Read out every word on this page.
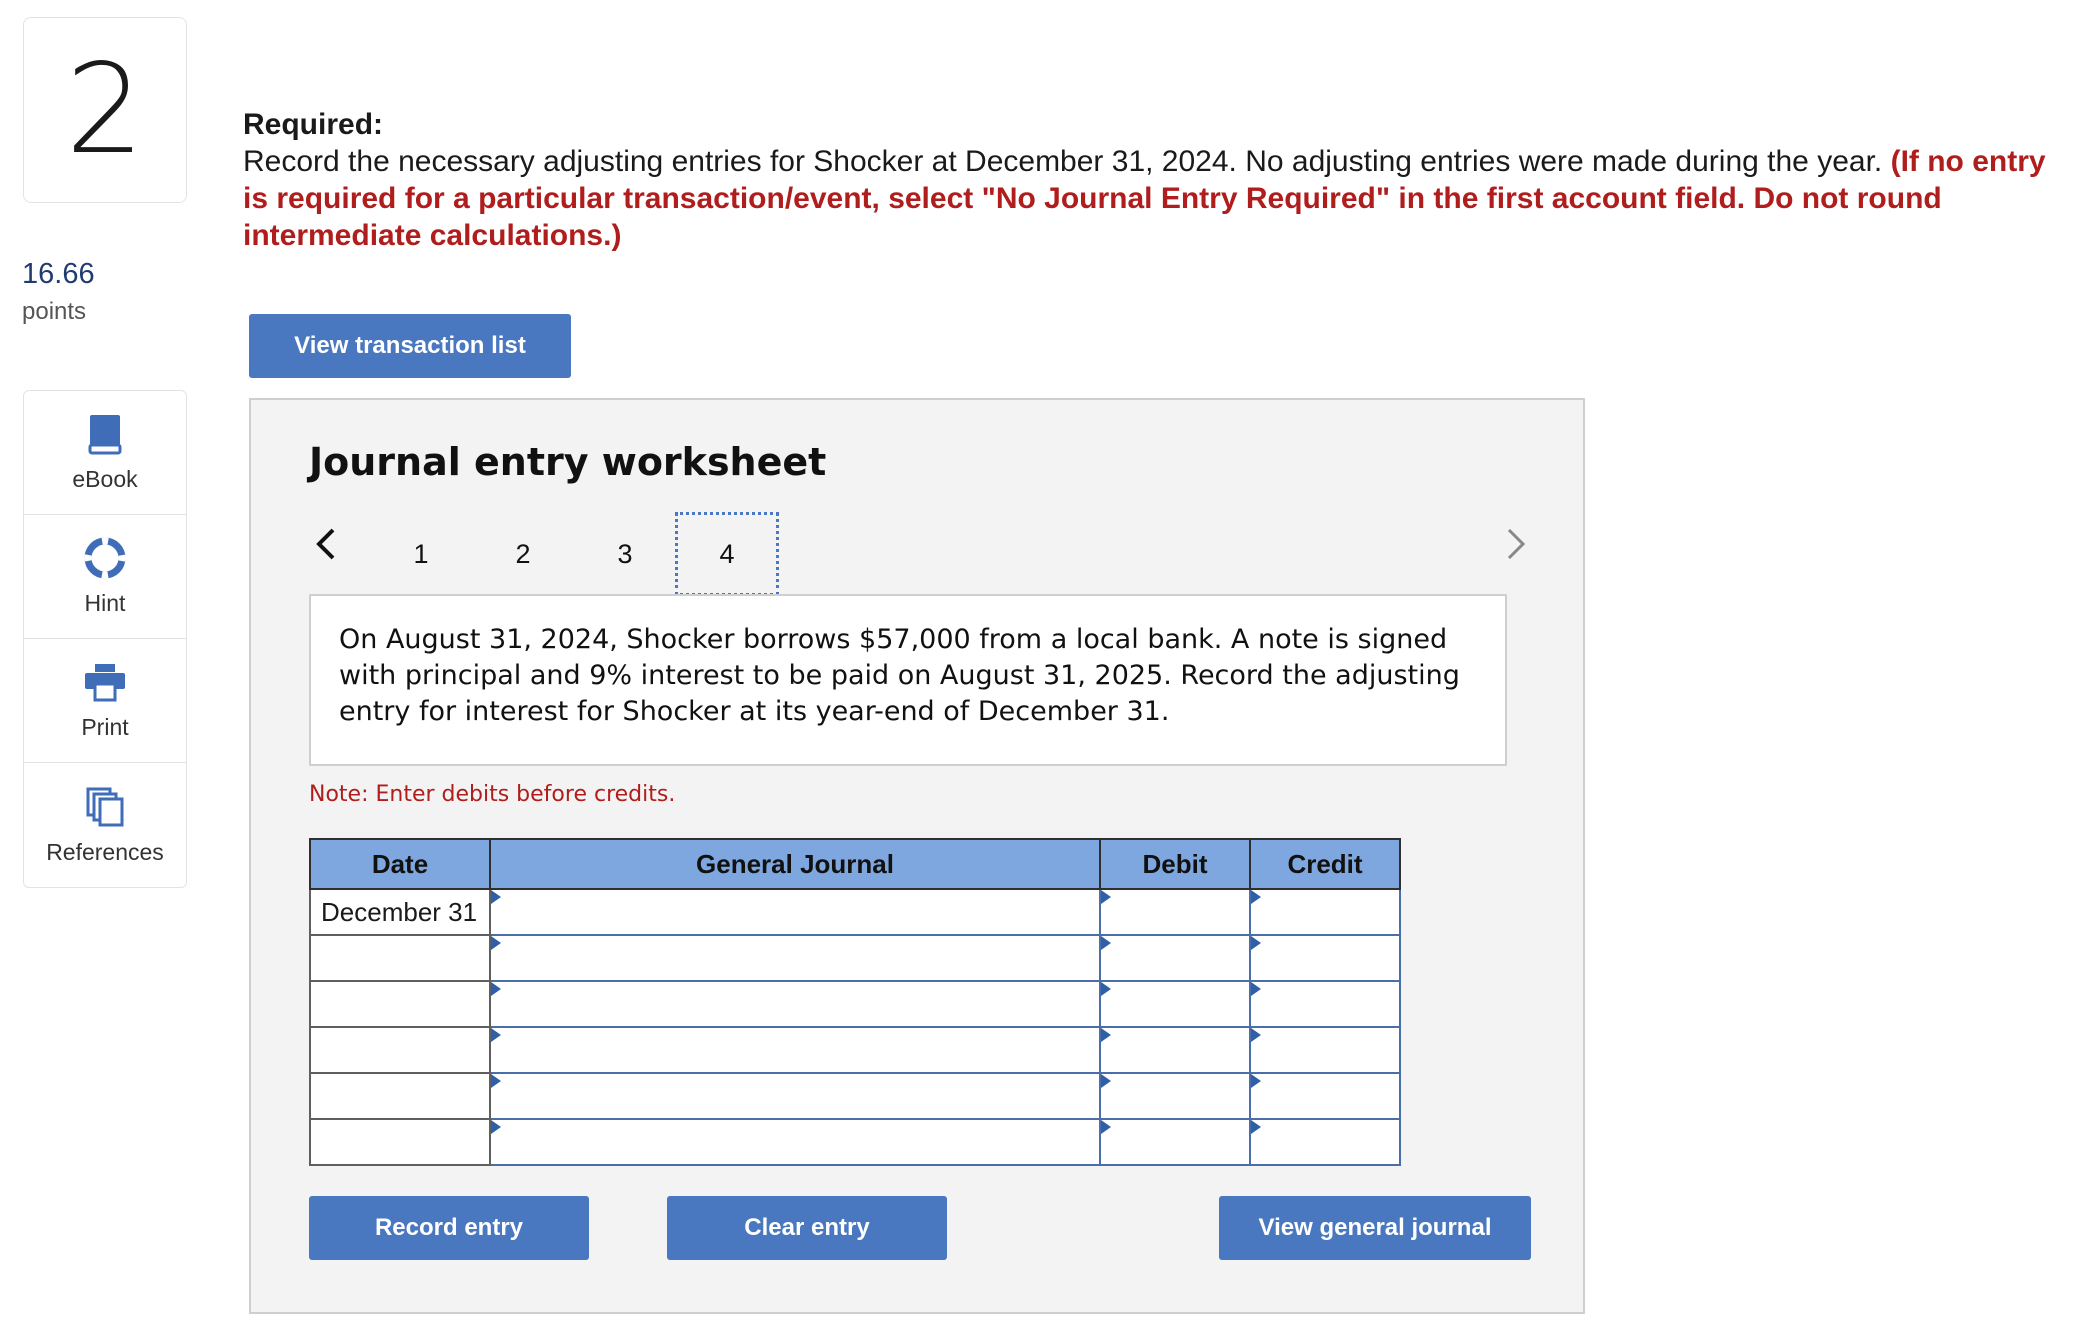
2
16.66
points
eBook
Hint
Print
References
Required:
Record the necessary adjusting entries for Shocker at December 31, 2024. No adjusting entries were made during the year. (If no entry is required for a particular transaction/event, select "No Journal Entry Required" in the first account field. Do not round intermediate calculations.)
View transaction list
Journal entry worksheet
1	2	3	4
On August 31, 2024, Shocker borrows $57,000 from a local bank. A note is signed with principal and 9% interest to be paid on August 31, 2025. Record the adjusting entry for interest for Shocker at its year-end of December 31.
Note: Enter debits before credits.
Date	General Journal	Debit	Credit
December 31			

Record entry	Clear entry	View general journal
